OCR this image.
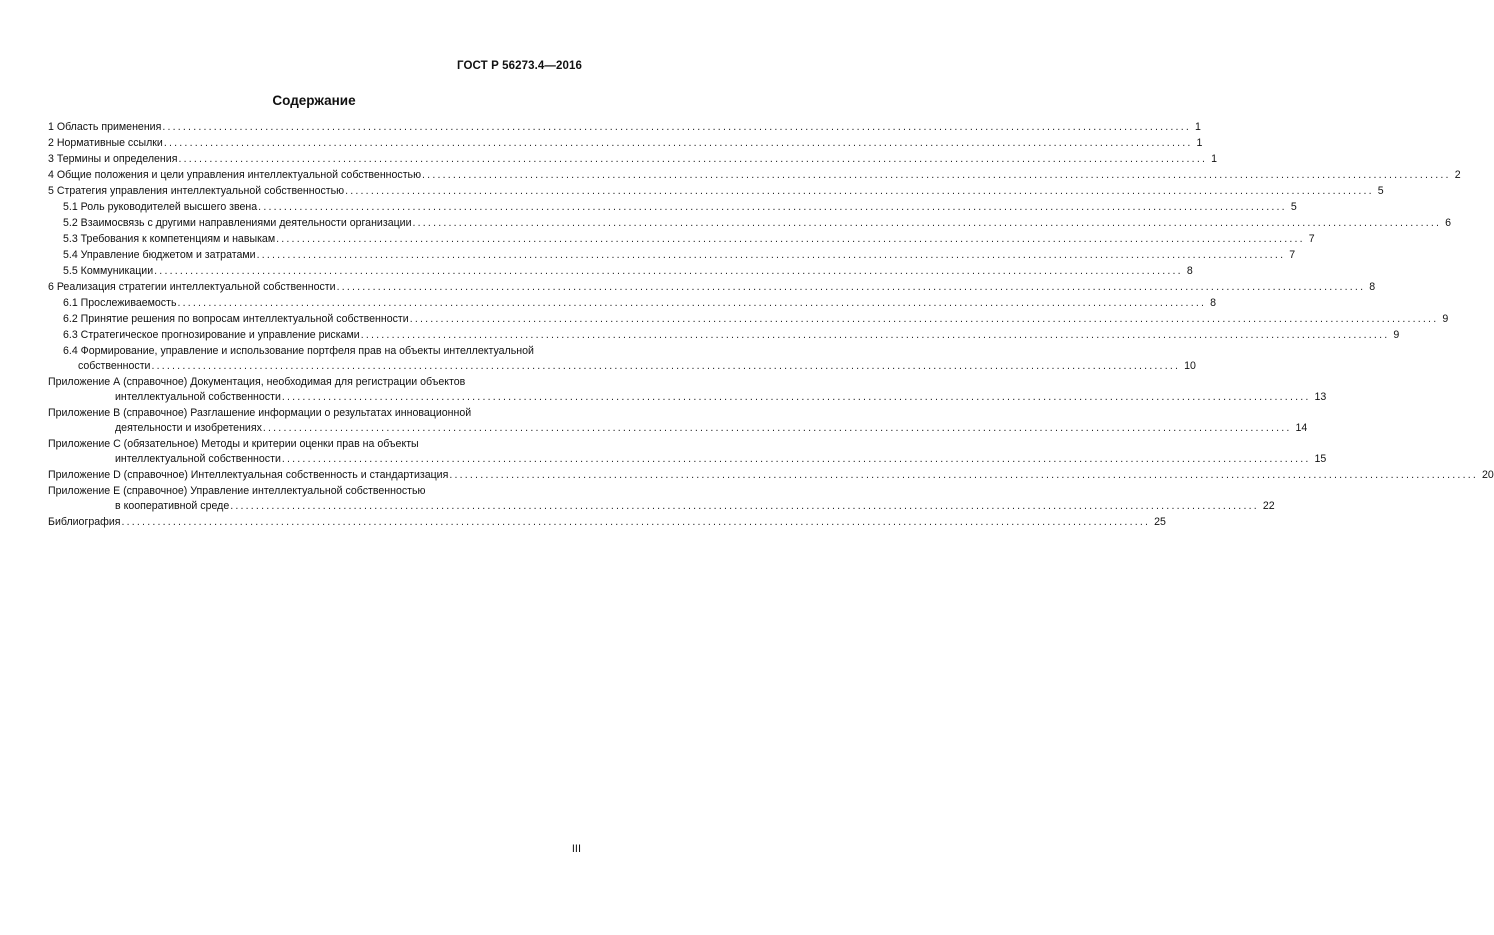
ГОСТ Р 56273.4—2016
Содержание
1 Область применения ........................................................................................................................................................................................................ 1
2 Нормативные ссылки ........................................................................................................................................................................................................ 1
3 Термины и определения ........................................................................................................................................................................................................ 1
4 Общие положения и цели управления интеллектуальной собственностью ........................................................................................................................................................................................................ 2
5 Стратегия управления интеллектуальной собственностью ........................................................................................................................................................................................................ 5
5.1 Роль руководителей высшего звена ........................................................................................................................................................................................................ 5
5.2 Взаимосвязь с другими направлениями деятельности организации ........................................................................................................................................................................................................ 6
5.3 Требования к компетенциям и навыкам ........................................................................................................................................................................................................ 7
5.4 Управление бюджетом и затратами ........................................................................................................................................................................................................ 7
5.5 Коммуникации ........................................................................................................................................................................................................ 8
6 Реализация стратегии интеллектуальной собственности ........................................................................................................................................................................................................ 8
6.1 Прослеживаемость ........................................................................................................................................................................................................ 8
6.2 Принятие решения по вопросам интеллектуальной собственности ........................................................................................................................................................................................................ 9
6.3 Стратегическое прогнозирование и управление рисками ........................................................................................................................................................................................................ 9
6.4 Формирование, управление и использование портфеля прав на объекты интеллектуальной
собственности ........................................................................................................................................................................................................ 10
Приложение А (справочное) Документация, необходимая для регистрации объектов
интеллектуальной собственности ........................................................................................................................................................................................................ 13
Приложение В (справочное) Разглашение информации о результатах инновационной
деятельности и изобретениях ........................................................................................................................................................................................................ 14
Приложение С (обязательное) Методы и критерии оценки прав на объекты
интеллектуальной собственности ........................................................................................................................................................................................................ 15
Приложение D (справочное) Интеллектуальная собственность и стандартизация ........................................................................................................................................................................................................ 20
Приложение Е (справочное) Управление интеллектуальной собственностью
в кооперативной среде ........................................................................................................................................................................................................ 22
Библиография ........................................................................................................................................................................................................ 25
III
